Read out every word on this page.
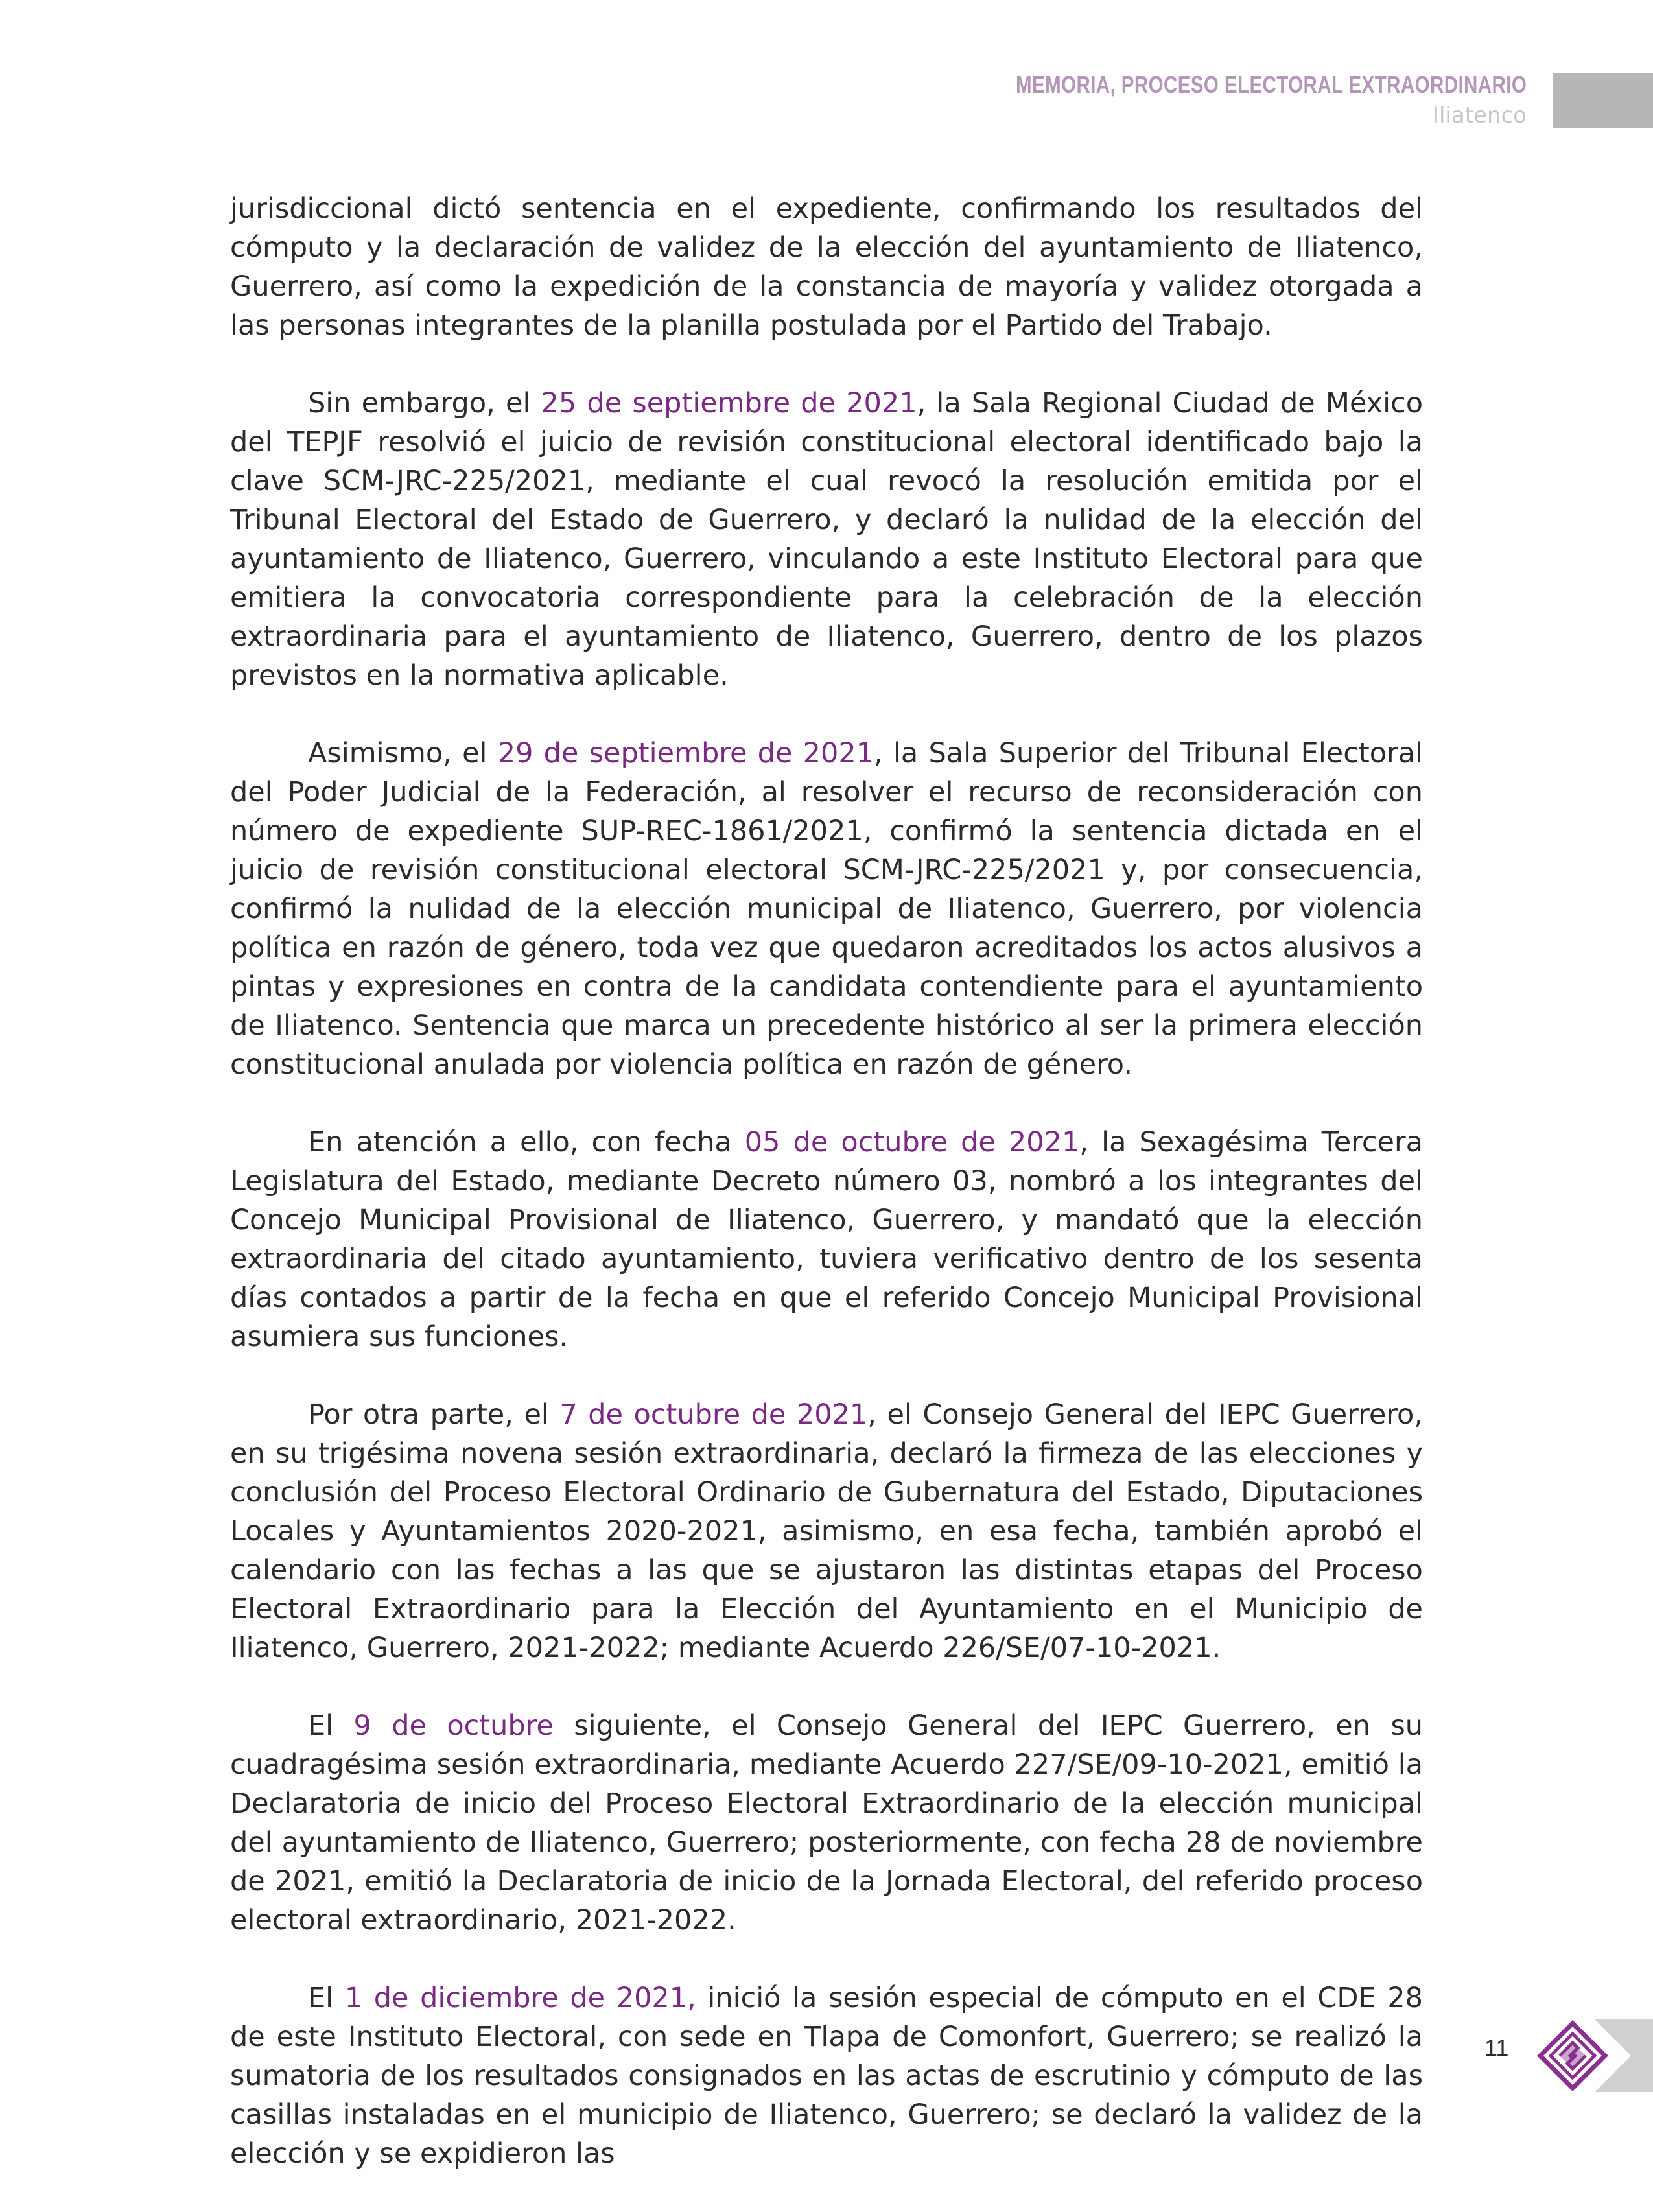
MEMORIA, PROCESO ELECTORAL EXTRAORDINARIO
Iliatenco

jurisdiccional dictó sentencia en el expediente, confirmando los resultados del cómputo y la declaración de validez de la elección del ayuntamiento de Iliatenco, Guerrero, así como la expedición de la constancia de mayoría y validez otorgada a las personas integrantes de la planilla postulada por el Partido del Trabajo.

Sin embargo, el 25 de septiembre de 2021, la Sala Regional Ciudad de México del TEPJF resolvió el juicio de revisión constitucional electoral identificado bajo la clave SCM-JRC-225/2021, mediante el cual revocó la resolución emitida por el Tribunal Electoral del Estado de Guerrero, y declaró la nulidad de la elección del ayuntamiento de Iliatenco, Guerrero, vinculando a este Instituto Electoral para que emitiera la convocatoria correspondiente para la celebración de la elección extraordinaria para el ayuntamiento de Iliatenco, Guerrero, dentro de los plazos previstos en la normativa aplicable.

Asimismo, el 29 de septiembre de 2021, la Sala Superior del Tribunal Electoral del Poder Judicial de la Federación, al resolver el recurso de reconsideración con número de expediente SUP-REC-1861/2021, confirmó la sentencia dictada en el juicio de revisión constitucional electoral SCM-JRC-225/2021 y, por consecuencia, confirmó la nulidad de la elección municipal de Iliatenco, Guerrero, por violencia política en razón de género, toda vez que quedaron acreditados los actos alusivos a pintas y expresiones en contra de la candidata contendiente para el ayuntamiento de Iliatenco. Sentencia que marca un precedente histórico al ser la primera elección constitucional anulada por violencia política en razón de género.

En atención a ello, con fecha 05 de octubre de 2021, la Sexagésima Tercera Legislatura del Estado, mediante Decreto número 03, nombró a los integrantes del Concejo Municipal Provisional de Iliatenco, Guerrero, y mandató que la elección extraordinaria del citado ayuntamiento, tuviera verificativo dentro de los sesenta días contados a partir de la fecha en que el referido Concejo Municipal Provisional asumiera sus funciones.

Por otra parte, el 7 de octubre de 2021, el Consejo General del IEPC Guerrero, en su trigésima novena sesión extraordinaria, declaró la firmeza de las elecciones y conclusión del Proceso Electoral Ordinario de Gubernatura del Estado, Diputaciones Locales y Ayuntamientos 2020-2021, asimismo, en esa fecha, también aprobó el calendario con las fechas a las que se ajustaron las distintas etapas del Proceso Electoral Extraordinario para la Elección del Ayuntamiento en el Municipio de Iliatenco, Guerrero, 2021-2022; mediante Acuerdo 226/SE/07-10-2021.

El 9 de octubre siguiente, el Consejo General del IEPC Guerrero, en su cuadragésima sesión extraordinaria, mediante Acuerdo 227/SE/09-10-2021, emitió la Declaratoria de inicio del Proceso Electoral Extraordinario de la elección municipal del ayuntamiento de Iliatenco, Guerrero; posteriormente, con fecha 28 de noviembre de 2021, emitió la Declaratoria de inicio de la Jornada Electoral, del referido proceso electoral extraordinario, 2021-2022.

El 1 de diciembre de 2021, inició la sesión especial de cómputo en el CDE 28 de este Instituto Electoral, con sede en Tlapa de Comonfort, Guerrero; se realizó la sumatoria de los resultados consignados en las actas de escrutinio y cómputo de las casillas instaladas en el municipio de Iliatenco, Guerrero; se declaró la validez de la elección y se expidieron las

11
